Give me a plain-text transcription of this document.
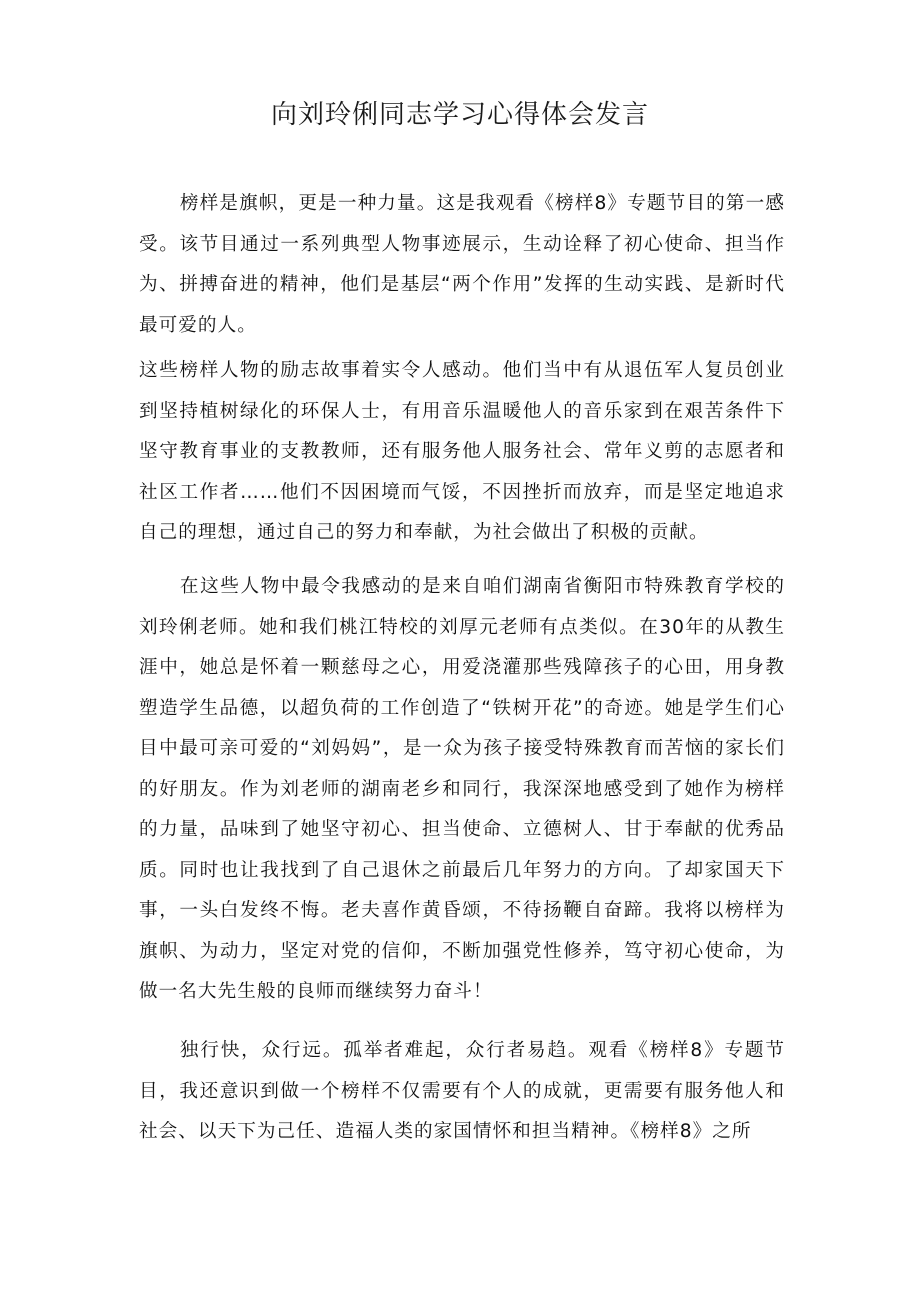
向刘玲俐同志学习心得体会发言

榜样是旗帜，更是一种力量。这是我观看《榜样8》专题节目的第一感受。该节目通过一系列典型人物事迹展示，生动诠释了初心使命、担当作为、拼搏奋进的精神，他们是基层“两个作用”发挥的生动实践、是新时代最可爱的人。

这些榜样人物的励志故事着实令人感动。他们当中有从退伍军人复员创业到坚持植树绿化的环保人士，有用音乐温暖他人的音乐家到在艰苦条件下坚守教育事业的支教教师，还有服务他人服务社会、常年义剪的志愿者和社区工作者……他们不因困境而气馁，不因挫折而放弃，而是坚定地追求自己的理想，通过自己的努力和奉献，为社会做出了积极的贡献。

在这些人物中最令我感动的是来自咱们湖南省衡阳市特殊教育学校的刘玲俐老师。她和我们桃江特校的刘厚元老师有点类似。在30年的从教生涯中，她总是怀着一颗慈母之心，用爱浇灌那些残障孩子的心田，用身教塑造学生品德，以超负荷的工作创造了“铁树开花”的奇迹。她是学生们心目中最可亲可爱的“刘妈妈”，是一众为孩子接受特殊教育而苦恼的家长们的好朋友。作为刘老师的湖南老乡和同行，我深深地感受到了她作为榜样的力量，品味到了她坚守初心、担当使命、立德树人、甘于奉献的优秀品质。同时也让我找到了自己退休之前最后几年努力的方向。了却家国天下事，一头白发终不悔。老夫喜作黄昏颂，不待扬鞭自奋蹄。我将以榜样为旗帜、为动力，坚定对党的信仰，不断加强党性修养，笃守初心使命，为做一名大先生般的良师而继续努力奋斗！

独行快，众行远。孤举者难起，众行者易趋。观看《榜样8》专题节目，我还意识到做一个榜样不仅需要有个人的成就，更需要有服务他人和社会、以天下为己任、造福人类的家国情怀和担当精神。《榜样8》之所
